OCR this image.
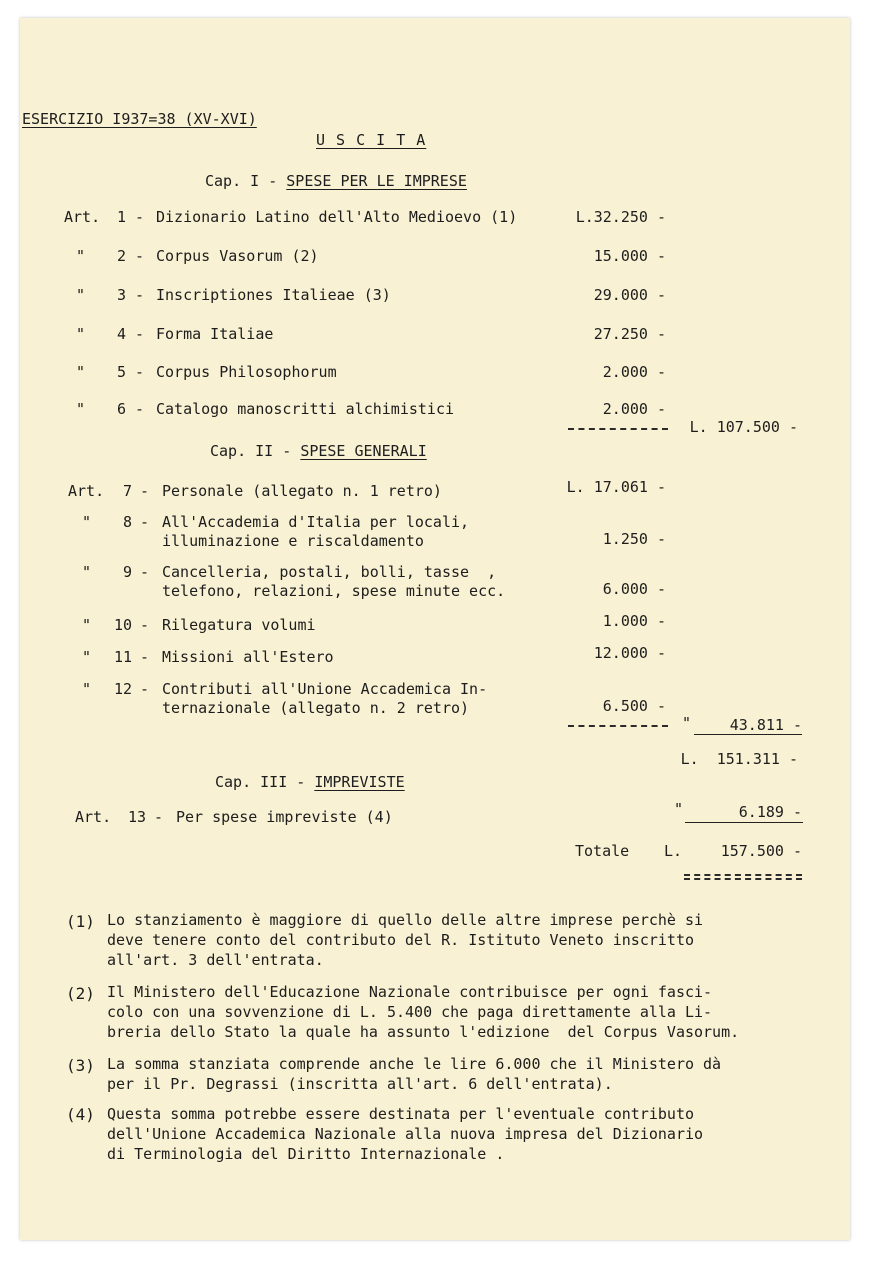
ESERCIZIO I937=38 (XV-XVI)
U S C I T A
Cap. I - SPESE PER LE IMPRESE
Art.	1 - Dizionario Latino dell'Alto Medioevo (1)	L.32.250 -
"	2 - Corpus Vasorum (2)	15.000 -
"	3 - Inscriptiones Italieae (3)	29.000 -
"	4 - Forma Italiae	27.250 -
"	5 - Corpus Philosophorum	2.000 -
"	6 - Catalogo manoscritti alchimistici	2.000 -
L. 107.500 -
Cap. II - SPESE GENERALI
Art.	7 - Personale (allegato n. 1 retro)	L. 17.061 -
"	8 - All'Accademia d'Italia per locali,
illuminazione e riscaldamento	1.250 -
"	9 - Cancelleria, postali, bolli, tasse  ,
telefono, relazioni, spese minute ecc.	6.000 -
"	10 - Rilegatura volumi	1.000 -
"	11 - Missioni all'Estero	12.000 -
"	12 - Contributi all'Unione Accademica In-
ternazionale (allegato n. 2 retro)	6.500 -
"	43.811 -
L.  151.311 -
Cap. III - IMPREVISTE
Art.	13 - Per spese impreviste (4)	"	6.189 -
Totale L.	157.500 -
(1) Lo stanziamento è maggiore di quello delle altre imprese perchè si
deve tenere conto del contributo del R. Istituto Veneto inscritto
all'art. 3 dell'entrata.
(2) Il Ministero dell'Educazione Nazionale contribuisce per ogni fasci-
colo con una sovvenzione di L. 5.400 che paga direttamente alla Li-
breria dello Stato la quale ha assunto l'edizione  del Corpus Vasorum.
(3) La somma stanziata comprende anche le lire 6.000 che il Ministero dà
per il Pr. Degrassi (inscritta all'art. 6 dell'entrata).
(4) Questa somma potrebbe essere destinata per l'eventuale contributo
dell'Unione Accademica Nazionale alla nuova impresa del Dizionario
di Terminologia del Diritto Internazionale .
